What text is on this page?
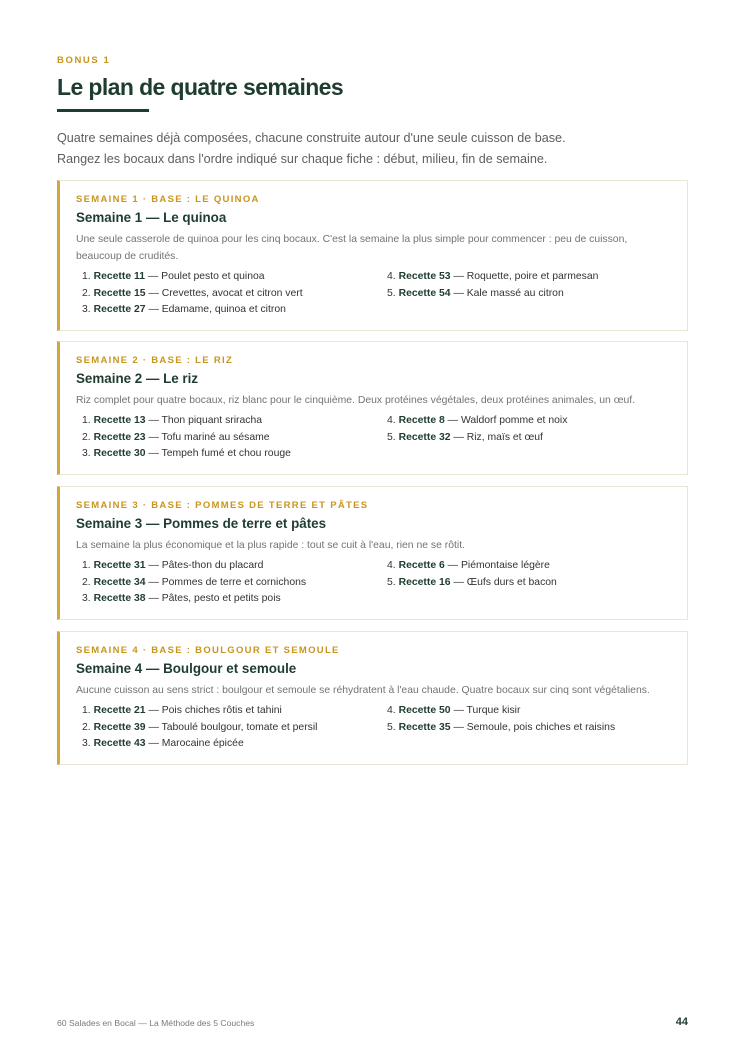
BONUS 1
Le plan de quatre semaines
Quatre semaines déjà composées, chacune construite autour d'une seule cuisson de base.
Rangez les bocaux dans l'ordre indiqué sur chaque fiche : début, milieu, fin de semaine.
SEMAINE 1 · BASE : LE QUINOA
Semaine 1 — Le quinoa

Une seule casserole de quinoa pour les cinq bocaux. C'est la semaine la plus simple pour commencer : peu de cuisson, beaucoup de crudités.

1. Recette 11 — Poulet pesto et quinoa
2. Recette 15 — Crevettes, avocat et citron vert
3. Recette 27 — Edamame, quinoa et citron
4. Recette 53 — Roquette, poire et parmesan
5. Recette 54 — Kale massé au citron
SEMAINE 2 · BASE : LE RIZ
Semaine 2 — Le riz

Riz complet pour quatre bocaux, riz blanc pour le cinquième. Deux protéines végétales, deux protéines animales, un œuf.

1. Recette 13 — Thon piquant sriracha
2. Recette 23 — Tofu mariné au sésame
3. Recette 30 — Tempeh fumé et chou rouge
4. Recette 8 — Waldorf pomme et noix
5. Recette 32 — Riz, maïs et œuf
SEMAINE 3 · BASE : POMMES DE TERRE ET PÂTES
Semaine 3 — Pommes de terre et pâtes

La semaine la plus économique et la plus rapide : tout se cuit à l'eau, rien ne se rôtit.

1. Recette 31 — Pâtes-thon du placard
2. Recette 34 — Pommes de terre et cornichons
3. Recette 38 — Pâtes, pesto et petits pois
4. Recette 6 — Piémontaise légère
5. Recette 16 — Œufs durs et bacon
SEMAINE 4 · BASE : BOULGOUR ET SEMOULE
Semaine 4 — Boulgour et semoule

Aucune cuisson au sens strict : boulgour et semoule se réhydratent à l'eau chaude. Quatre bocaux sur cinq sont végétaliens.

1. Recette 21 — Pois chiches rôtis et tahini
2. Recette 39 — Taboulé boulgour, tomate et persil
3. Recette 43 — Marocaine épicée
4. Recette 50 — Turque kisir
5. Recette 35 — Semoule, pois chiches et raisins
60 Salades en Bocal — La Méthode des 5 Couches	44
